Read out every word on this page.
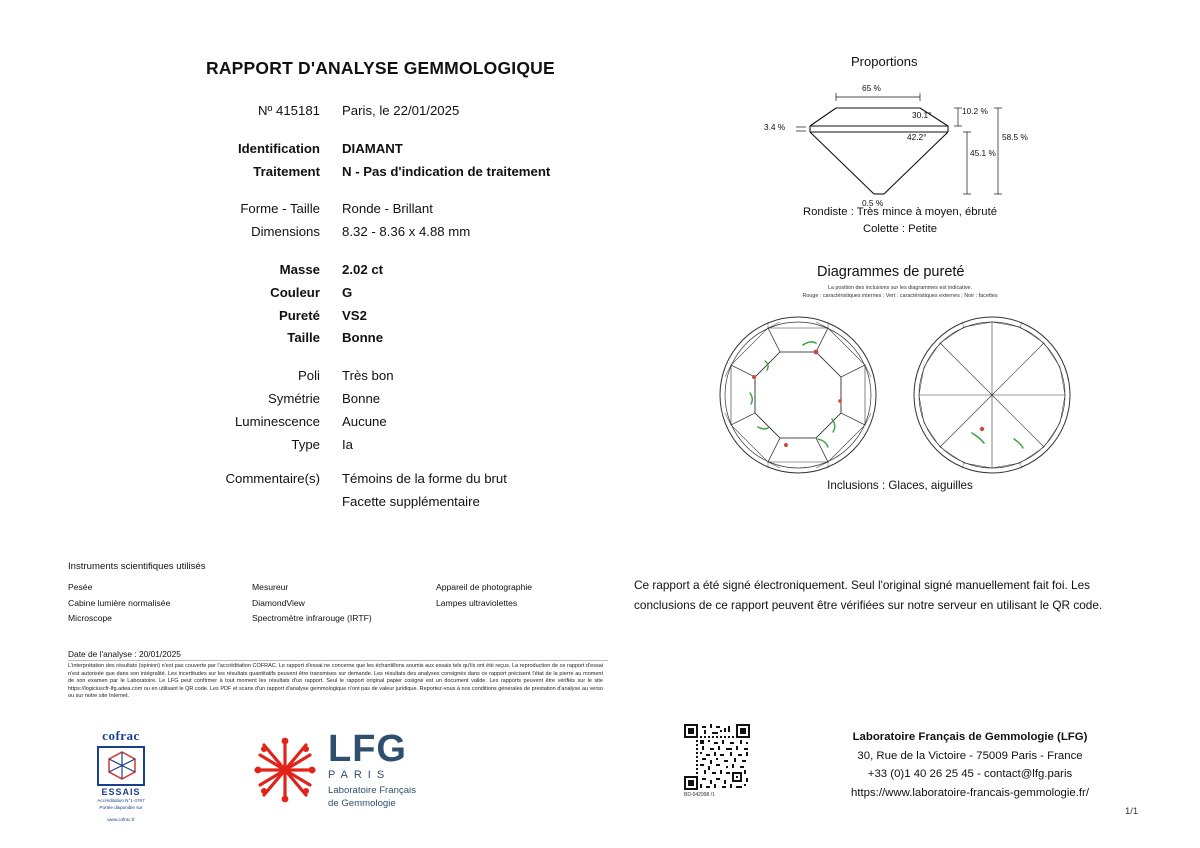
RAPPORT D'ANALYSE GEMMOLOGIQUE
Nº 415181	Paris, le 22/01/2025

Identification	DIAMANT
Traitement	N - Pas d'indication de traitement

Forme - Taille	Ronde - Brillant
Dimensions	8.32 - 8.36 x 4.88 mm

Masse	2.02 ct
Couleur	G
Pureté	VS2
Taille	Bonne

Poli	Très bon
Symétrie	Bonne
Luminescence	Aucune
Type	Ia

Commentaire(s)	Témoins de la forme du brut
	Facette supplémentaire
Proportions
65 %
10.2 %
58.5 %
45.1 %
3.4 %
0.5 %
30.1°
42.2°
Rondiste : Très mince à moyen, ébruté
Colette : Petite
Diagrammes de pureté
La position des inclusions sur les diagrammes est indicative.
Rouge : caractéristiques internes ; Vert : caractéristiques externes ; Noir : facettes
Inclusions : Glaces, aiguilles
Instruments scientifiques utilisés
Pesée	Mesureur	Appareil de photographie
Cabine lumière normalisée	DiamondView	Lampes ultraviolettes
Microscope	Spectromètre infrarouge (IRTF)
Ce rapport a été signé électroniquement. Seul l'original signé manuellement fait foi. Les conclusions de ce rapport peuvent être vérifiées sur notre serveur en utilisant le QR code.
Date de l'analyse : 20/01/2025
L'interprétation des résultats (opinion) n'est pas couverte par l'accréditation COFRAC. Le rapport d'essai ne concerne que les échantillons soumis aux essais tels qu'ils ont été reçus. La reproduction de ce rapport d'essai n'est autorisée que dans son intégralité. Les incertitudes sur les résultats quantitatifs peuvent être transmises sur demande. Les résultats des analyses consignés dans ce rapport précisent l'état de la pierre au moment de son examen par le Laboratoire. Le LFG peut confirmer à tout moment les résultats d'un rapport. Seul le rapport original papier cosigné est un document valide. Les rapports peuvent être vérifiés sur le site https://logiciuscfr-lfg.adea.com ou en utilisant le QR code. Les PDF et scans d'un rapport d'analyse gemmologique n'ont pas de valeur juridique. Reportez-vous à nos conditions générales de prestation d'analyse au verso ou sur notre site Internet.
cofrac
ESSAIS
Accréditation N°1-4767
Portée disponible sur
www.cofrac.fr
LFG
PARIS
Laboratoire Français
de Gemmologie
BD-042998 /1
Laboratoire Français de Gemmologie (LFG)
30, Rue de la Victoire - 75009 Paris - France
+33 (0)1 40 26 25 45 - contact@lfg.paris
https://www.laboratoire-francais-gemmologie.fr/
1/1
